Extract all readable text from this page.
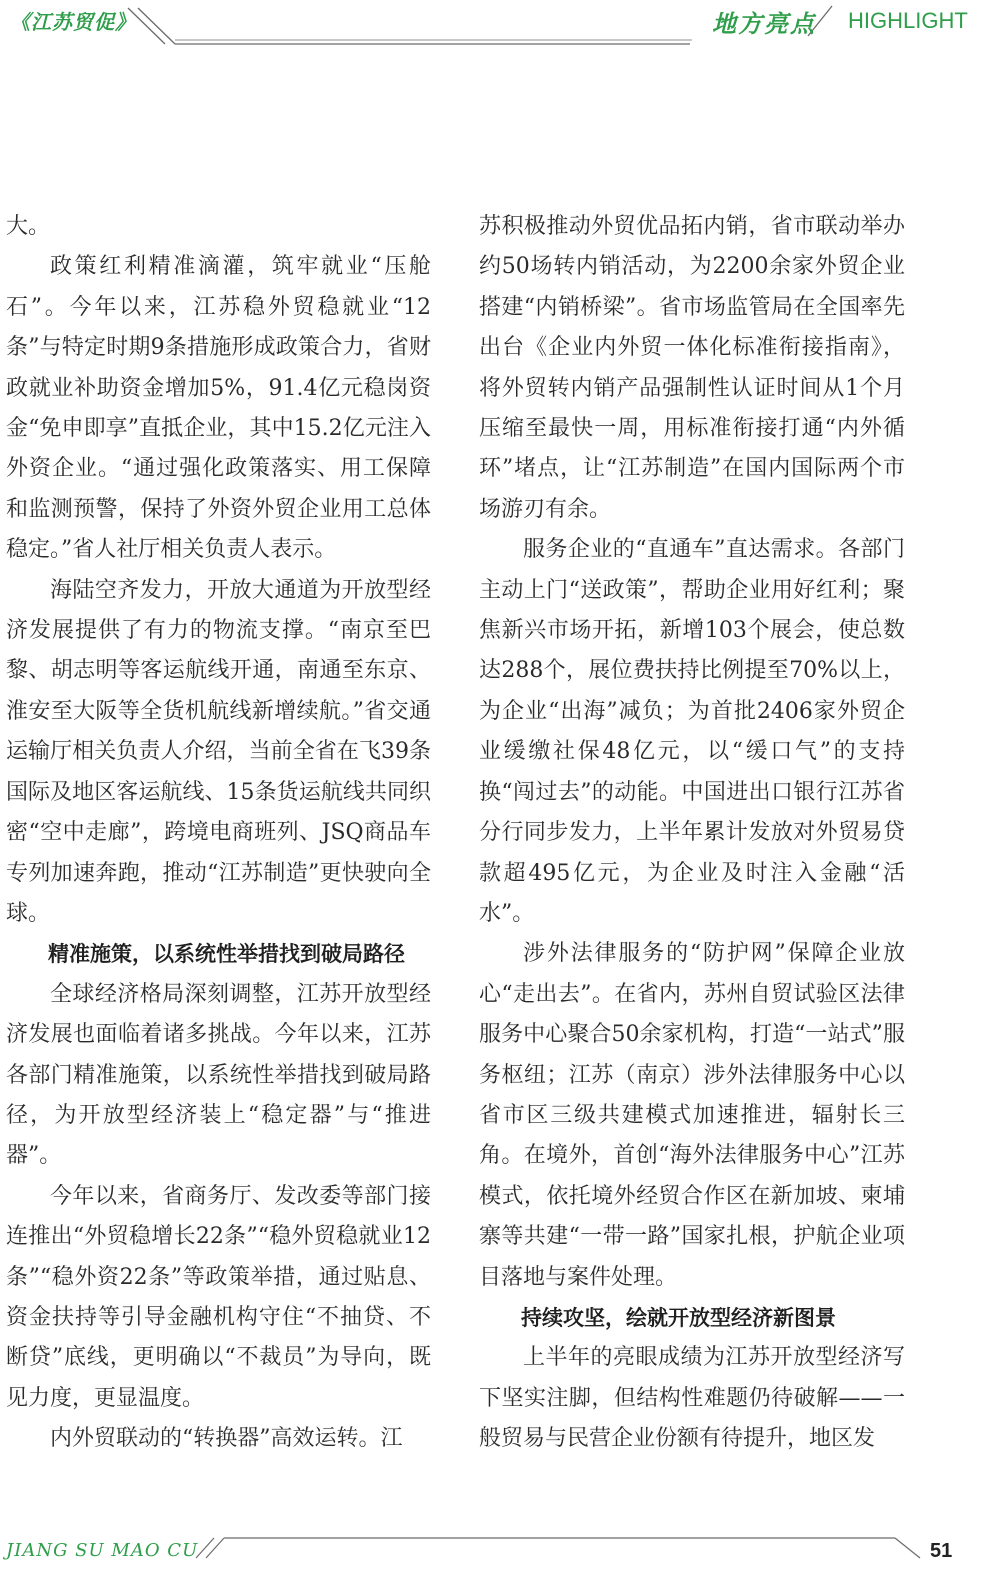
《江苏贸促》	地方亮点 HIGHLIGHT

大。

政策红利精准滴灌，筑牢就业“压舱石”。今年以来，江苏稳外贸稳就业“12条”与特定时期9条措施形成政策合力，省财政就业补助资金增加5%，91.4亿元稳岗资金“免申即享”直抵企业，其中15.2亿元注入外资企业。“通过强化政策落实、用工保障和监测预警，保持了外资外贸企业用工总体稳定。”省人社厅相关负责人表示。

海陆空齐发力，开放大通道为开放型经济发展提供了有力的物流支撑。“南京至巴黎、胡志明等客运航线开通，南通至东京、淮安至大阪等全货机航线新增续航。”省交通运输厅相关负责人介绍，当前全省在飞39条国际及地区客运航线、15条货运航线共同织密“空中走廊”，跨境电商班列、JSQ商品车专列加速奔跑，推动“江苏制造”更快驶向全球。

精准施策，以系统性举措找到破局路径

全球经济格局深刻调整，江苏开放型经济发展也面临着诸多挑战。今年以来，江苏各部门精准施策，以系统性举措找到破局路径，为开放型经济装上“稳定器”与“推进器”。

今年以来，省商务厅、发改委等部门接连推出“外贸稳增长22条”“稳外贸稳就业12条”“稳外资22条”等政策举措，通过贴息、资金扶持等引导金融机构守住“不抽贷、不断贷”底线，更明确以“不裁员”为导向，既见力度，更显温度。

内外贸联动的“转换器”高效运转。江

苏积极推动外贸优品拓内销，省市联动举办约50场转内销活动，为2200余家外贸企业搭建“内销桥梁”。省市场监管局在全国率先出台《企业内外贸一体化标准衔接指南》，将外贸转内销产品强制性认证时间从1个月压缩至最快一周，用标准衔接打通“内外循环”堵点，让“江苏制造”在国内国际两个市场游刃有余。

服务企业的“直通车”直达需求。各部门主动上门“送政策”，帮助企业用好红利；聚焦新兴市场开拓，新增103个展会，使总数达288个，展位费扶持比例提至70%以上，为企业“出海”减负；为首批2406家外贸企业缓缴社保48亿元，以“缓口气”的支持换“闯过去”的动能。中国进出口银行江苏省分行同步发力，上半年累计发放对外贸易贷款超495亿元，为企业及时注入金融“活水”。

涉外法律服务的“防护网”保障企业放心“走出去”。在省内，苏州自贸试验区法律服务中心聚合50余家机构，打造“一站式”服务枢纽；江苏（南京）涉外法律服务中心以省市区三级共建模式加速推进，辐射长三角。在境外，首创“海外法律服务中心”江苏模式，依托境外经贸合作区在新加坡、柬埔寨等共建“一带一路”国家扎根，护航企业项目落地与案件处理。

持续攻坚，绘就开放型经济新图景

上半年的亮眼成绩为江苏开放型经济写下坚实注脚，但结构性难题仍待破解——一般贸易与民营企业份额有待提升，地区发

JIANG SU MAO CU	51
